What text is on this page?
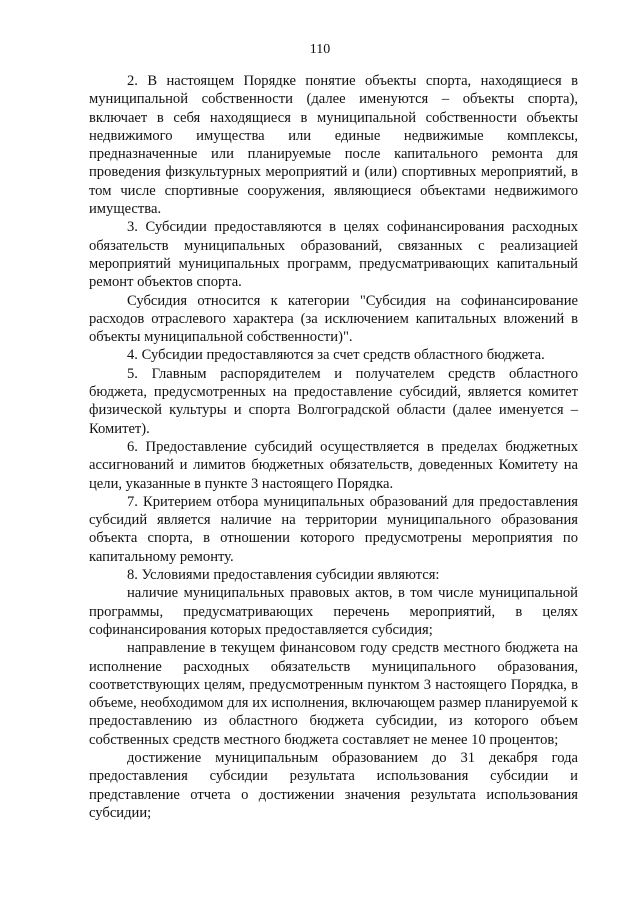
110

2. В настоящем Порядке понятие объекты спорта, находящиеся в муниципальной собственности (далее именуются – объекты спорта), включает в себя находящиеся в муниципальной собственности объекты недвижимого имущества или единые недвижимые комплексы, предназначенные или планируемые после капитального ремонта для проведения физкультурных мероприятий и (или) спортивных мероприятий, в том числе спортивные сооружения, являющиеся объектами недвижимого имущества.

3. Субсидии предоставляются в целях софинансирования расходных обязательств муниципальных образований, связанных с реализацией мероприятий муниципальных программ, предусматривающих капитальный ремонт объектов спорта.

Субсидия относится к категории "Субсидия на софинансирование расходов отраслевого характера (за исключением капитальных вложений в объекты муниципальной собственности)".

4. Субсидии предоставляются за счет средств областного бюджета.

5. Главным распорядителем и получателем средств областного бюджета, предусмотренных на предоставление субсидий, является комитет физической культуры и спорта Волгоградской области (далее именуется – Комитет).

6. Предоставление субсидий осуществляется в пределах бюджетных ассигнований и лимитов бюджетных обязательств, доведенных Комитету на цели, указанные в пункте 3 настоящего Порядка.

7. Критерием отбора муниципальных образований для предоставления субсидий является наличие на территории муниципального образования объекта спорта, в отношении которого предусмотрены мероприятия по капитальному ремонту.

8. Условиями предоставления субсидии являются:

наличие муниципальных правовых актов, в том числе муниципальной программы, предусматривающих перечень мероприятий, в целях софинансирования которых предоставляется субсидия;

направление в текущем финансовом году средств местного бюджета на исполнение расходных обязательств муниципального образования, соответствующих целям, предусмотренным пунктом 3 настоящего Порядка, в объеме, необходимом для их исполнения, включающем размер планируемой к предоставлению из областного бюджета субсидии, из которого объем собственных средств местного бюджета составляет не менее 10 процентов;

достижение муниципальным образованием до 31 декабря года предоставления субсидии результата использования субсидии и представление отчета о достижении значения результата использования субсидии;
